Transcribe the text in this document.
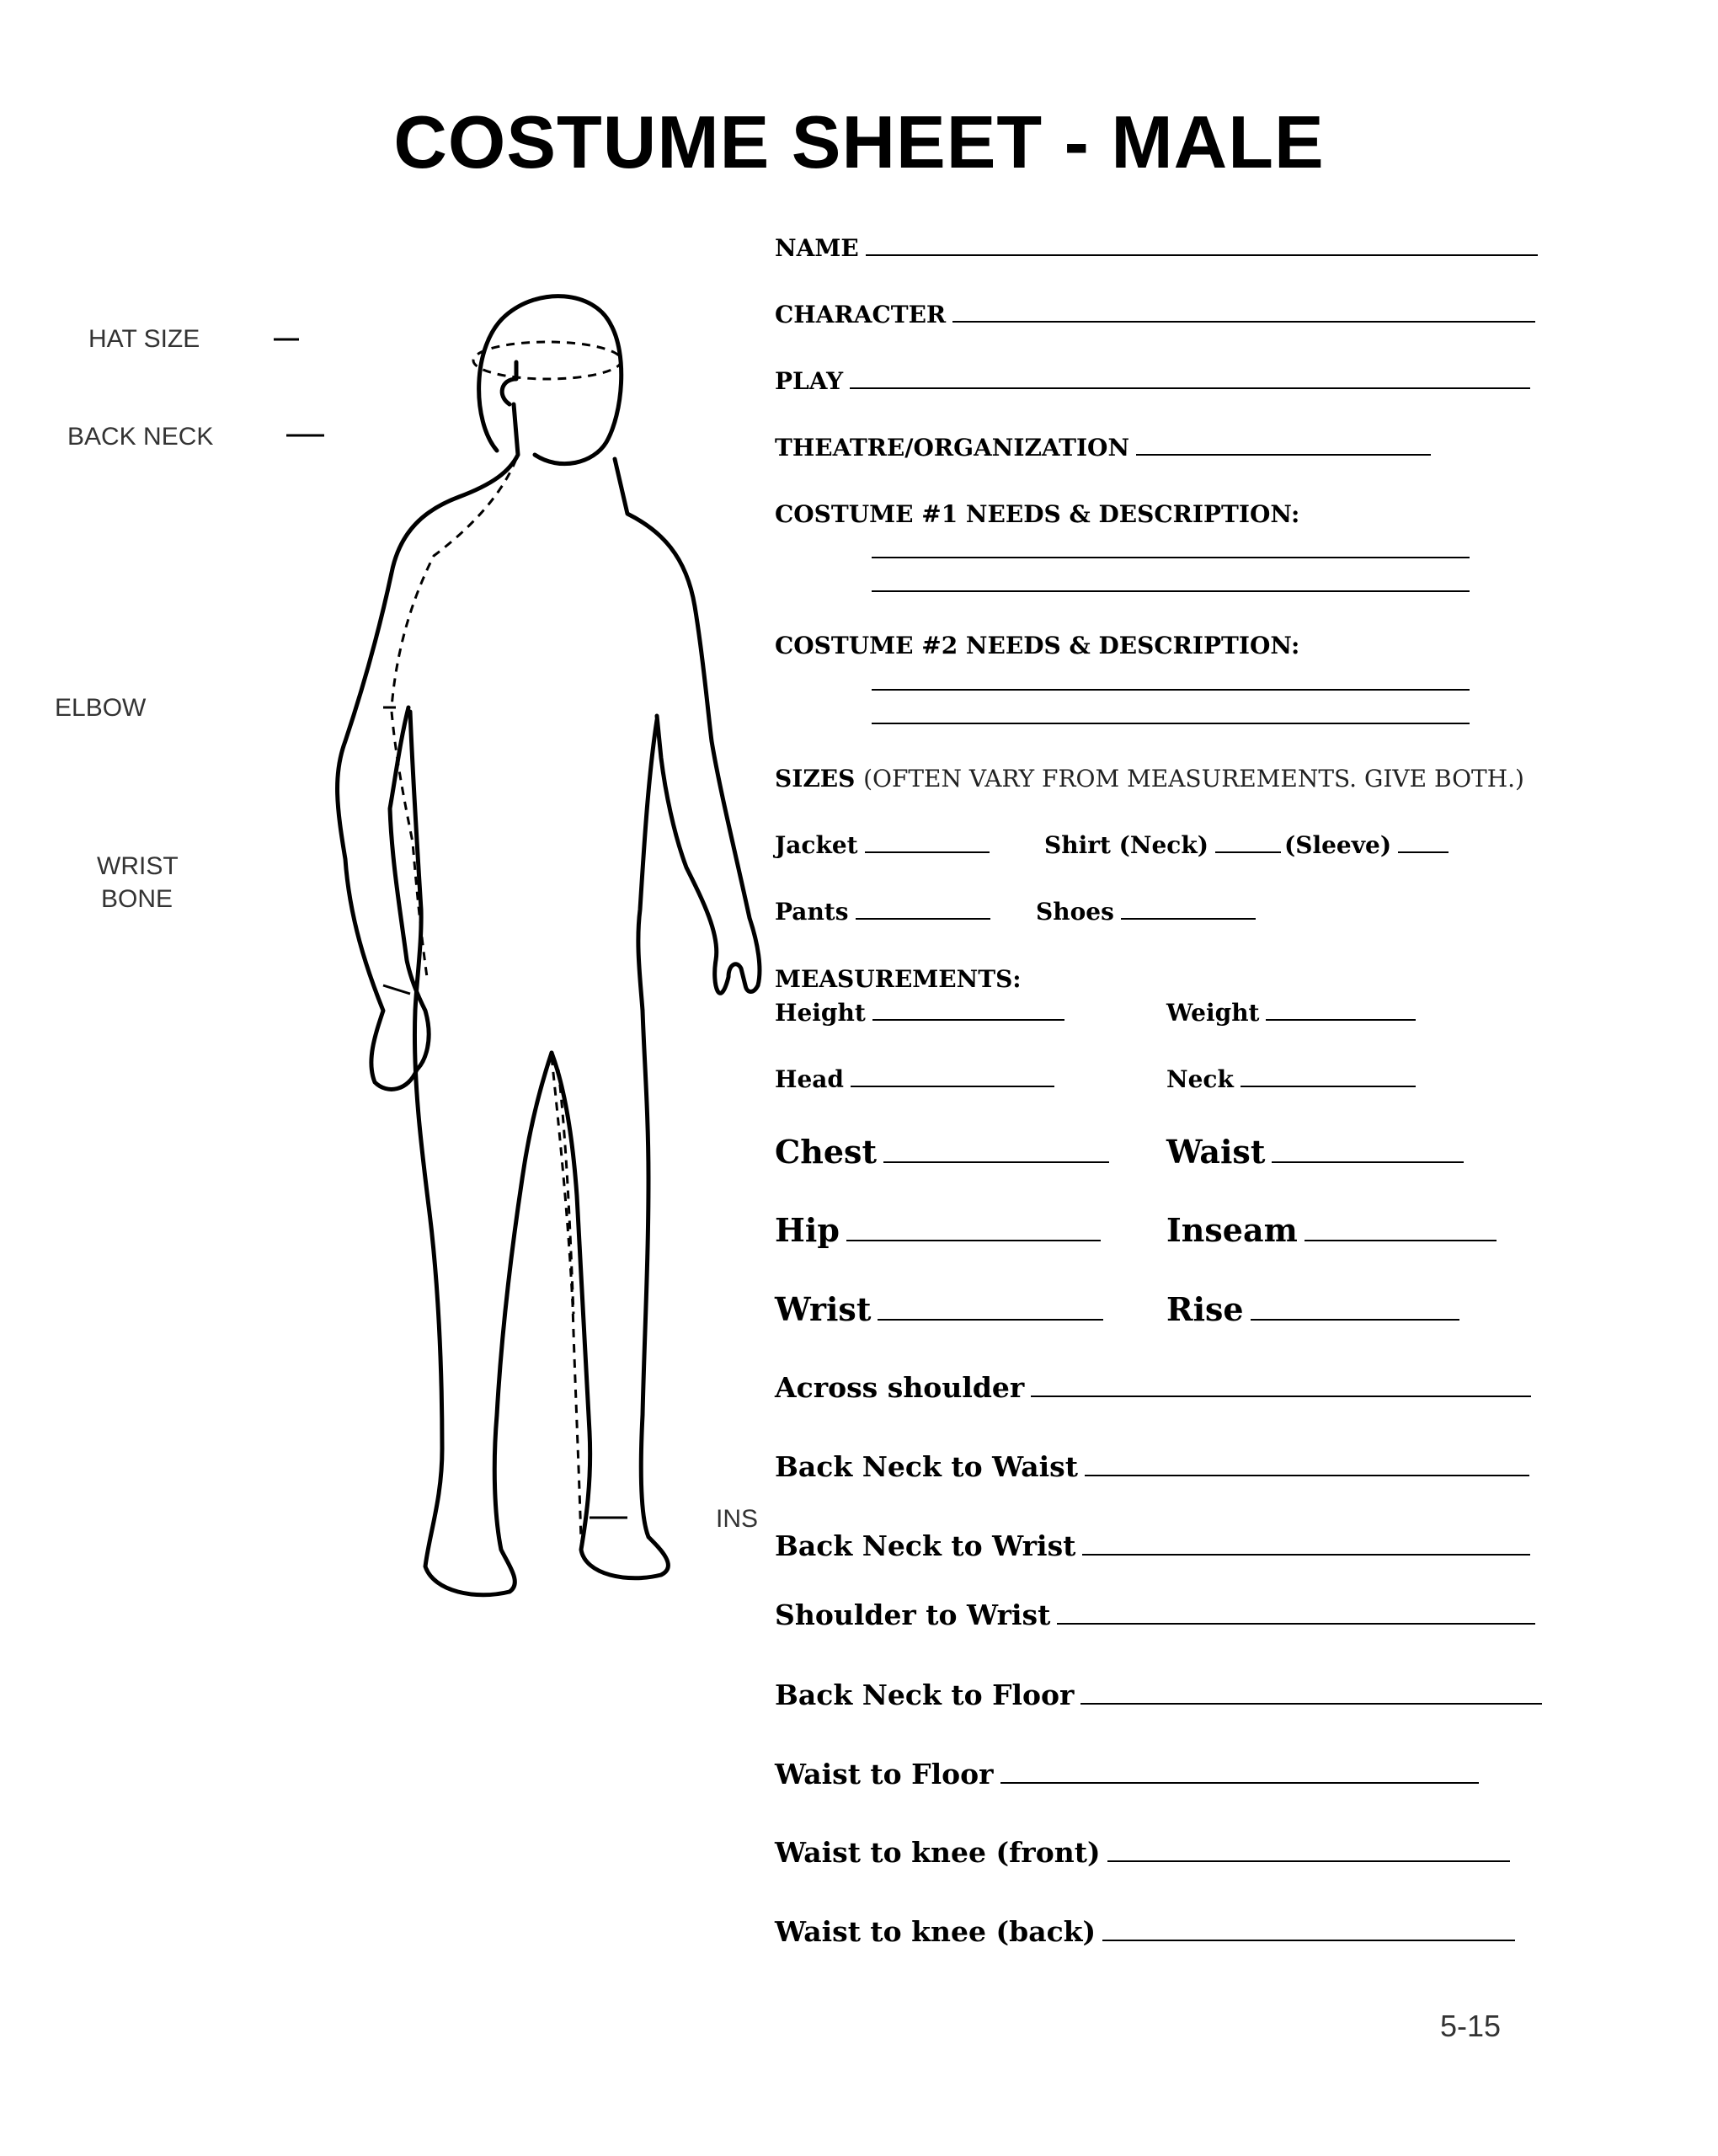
COSTUME SHEET - MALE
HAT SIZE
BACK NECK
ELBOW
WRIST
BONE
INS
NAME
CHARACTER
PLAY
THEATRE/ORGANIZATION
COSTUME #1 NEEDS & DESCRIPTION:
COSTUME #2 NEEDS & DESCRIPTION:
SIZES (OFTEN VARY FROM MEASUREMENTS. GIVE BOTH.)
Jacket	Shirt (Neck)	(Sleeve)
Pants	Shoes
MEASUREMENTS:
Height	Weight
Head	Neck
Chest	Waist
Hip	Inseam
Wrist	Rise
Across shoulder
Back Neck to Waist
Back Neck to Wrist
Shoulder to Wrist
Back Neck to Floor
Waist to Floor
Waist to knee (front)
Waist to knee (back)
5-15
